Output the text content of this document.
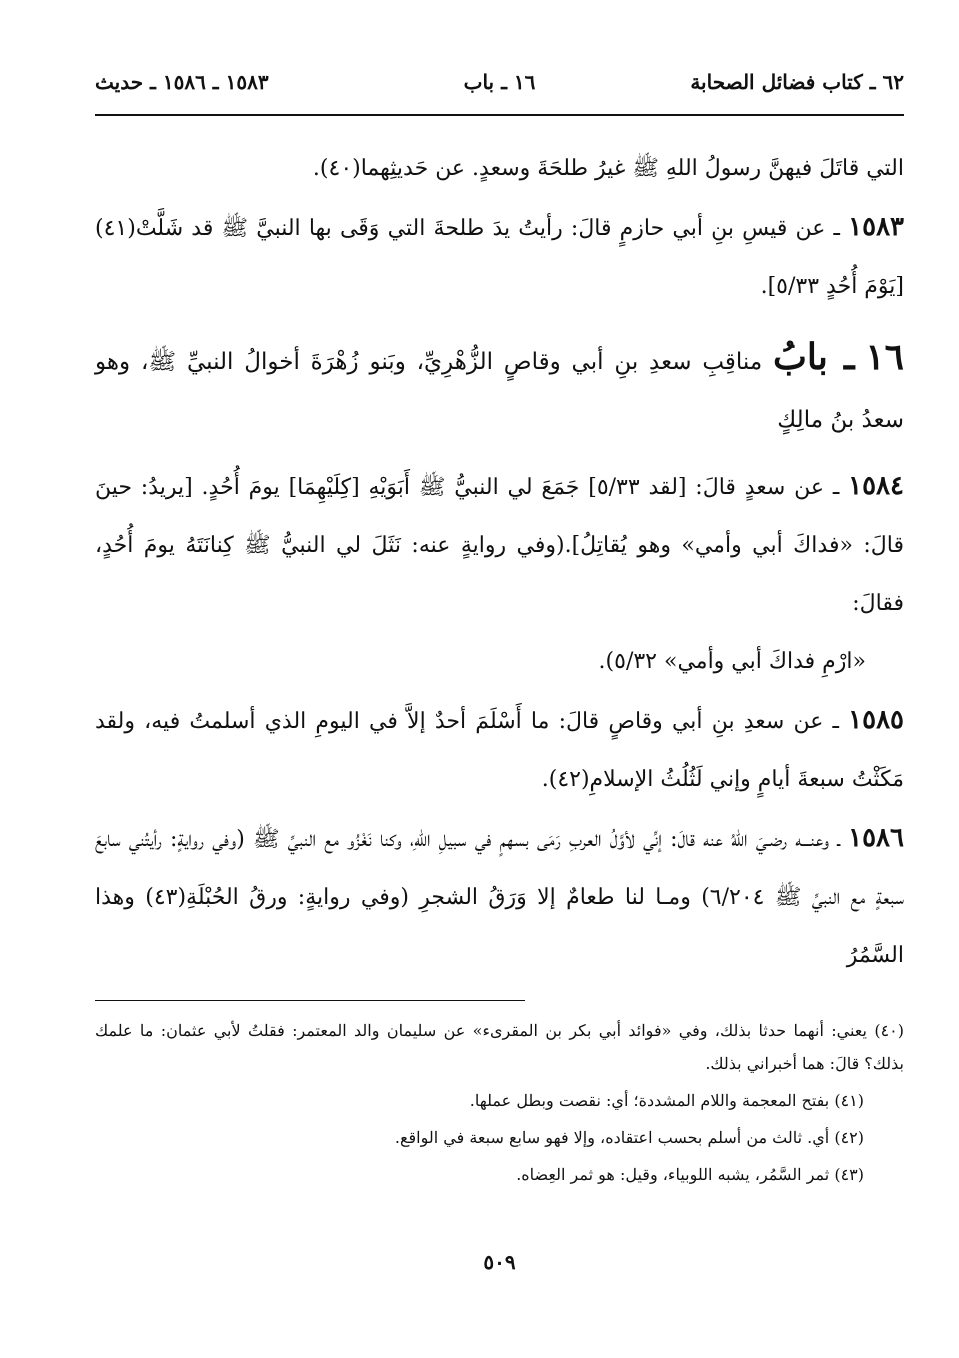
٦٢ ـ كتاب فضائل الصحابة
١٦ ـ باب
١٥٨٣ ـ ١٥٨٦ ـ حديث

التي قاتَلَ فيهنَّ رسولُ اللهِ ﷺ غيرُ طلحَةَ وسعدٍ. عن حَديثِهما(٤٠).

١٥٨٣ ـ عن قيسِ بنِ أبي حازمٍ قالَ: رأيتُ يدَ طلحةَ التي وَقَى بها النبيَّ ﷺ قد شَلَّتْ(٤١) [يَوْمَ أُحُدٍ ٥/٣٣].

١٦ ـ بابُ مناقِبِ سعدِ بنِ أبي وقاصٍ الزُّهْرِيِّ، وبَنو زُهْرَةَ أخوالُ النبيِّ ﷺ، وهو سعدُ بنُ مالِكٍ

١٥٨٤ ـ عن سعدٍ قالَ: [لقد ٥/٣٣] جَمَعَ لي النبيُّ ﷺ أَبَوَيْهِ [كِلَيْهِمَا] يومَ أُحُدٍ. [يريدُ: حينَ قالَ: «فداكَ أبي وأمي» وهو يُقاتِلُ].(وفي روايةٍ عنه: نَثَلَ لي النبيُّ ﷺ كِنانَتَهُ يومَ أُحُدٍ، فقالَ:

«ارْمِ فداكَ أبي وأمي» ٥/٣٢).

١٥٨٥ ـ عن سعدِ بنِ أبي وقاصٍ قالَ: ما أَسْلَمَ أحدٌ إلاَّ في اليومِ الذي أسلمتُ فيه، ولقد مَكَثْتُ سبعةَ أيامٍ وإني لَثُلُثُ الإسلامِ(٤٢).

١٥٨٦ ـ وعنـــه رضـيَ اللهُ عنه قالَ: إنِّي لأوَّلُ العربِ رَمَى بسهمٍ في سبيلِ اللهِ، وكنا نَغْزُو مع النبيِّ ﷺ (وفي روايةٍ: رأيتُني سابعَ سبعةٍ مع النبيِّ ﷺ ٦/٢٠٤) ومـا لنا طعامٌ إلا وَرَقُ الشجرِ (وفي روايةٍ: ورقُ الحُبْلَةِ(٤٣) وهذا السَّمُرُ

(٤٠) يعني: أنهما حدثا بذلك، وفي «فوائد أبي بكر بن المقرىء» عن سليمان والد المعتمر: فقلتُ لأبي عثمان: ما علمك بذلك؟ قالَ: هما أخبراني بذلك.

(٤١) بفتح المعجمة واللام المشددة؛ أي: نقصت وبطل عملها.

(٤٢) أي. ثالث من أسلم بحسب اعتقاده، وإلا فهو سابع سبعة في الواقع.

(٤٣) ثمر السَّمُر، يشبه اللوبياء، وقيل: هو ثمر العِضاه.

٥٠٩
